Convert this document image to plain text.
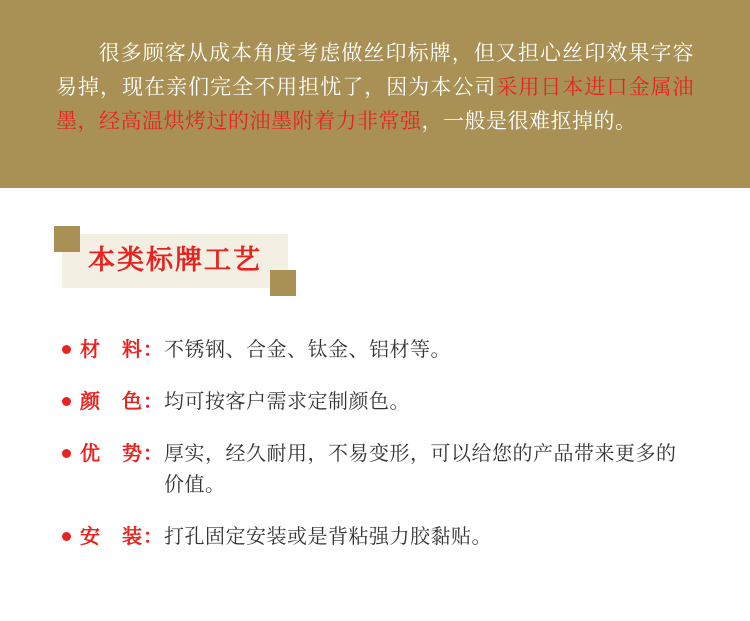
很多顾客从成本角度考虑做丝印标牌，但又担心丝印效果字容易掉，现在亲们完全不用担忧了，因为本公司采用日本进口金属油墨，经高温烘烤过的油墨附着力非常强，一般是很难抠掉的。
本类标牌工艺
材　料： 不锈钢、合金、钛金、铝材等。
颜　色： 均可按客户需求定制颜色。
优　势： 厚实，经久耐用，不易变形，可以给您的产品带来更多的价值。
安　装： 打孔固定安装或是背粘强力胶黏贴。
